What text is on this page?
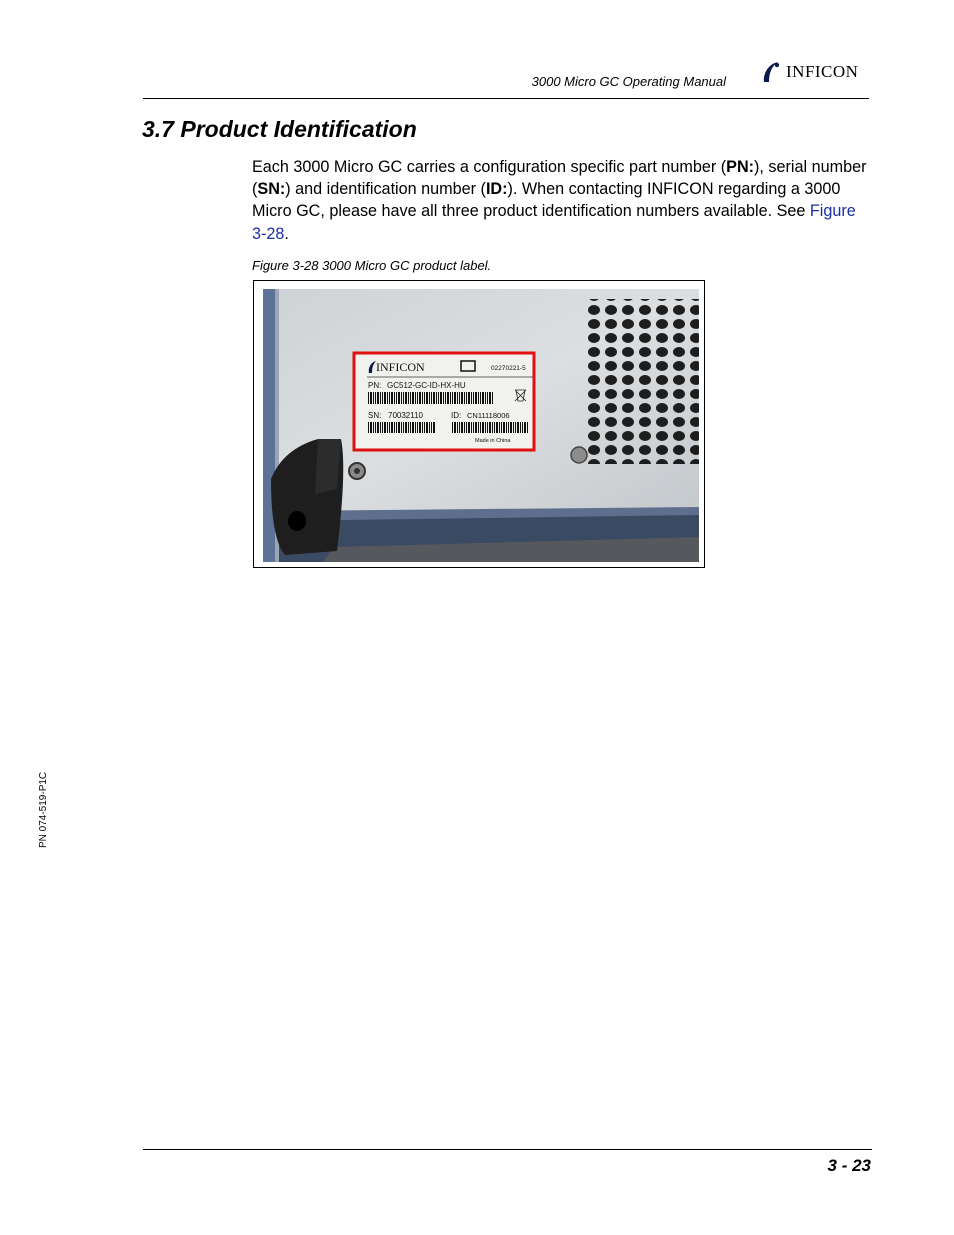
3000 Micro GC Operating Manual
INFICON
3.7 Product Identification

Each 3000 Micro GC carries a configuration specific part number (PN:), serial number (SN:) and identification number (ID:). When contacting INFICON regarding a 3000 Micro GC, please have all three product identification numbers available. See Figure 3-28.

Figure 3-28 3000 Micro GC product label.
INFICON	02270221-5
PN: GC512-GC-ID-HX-HU
SN: 70032110	ID: CN11118006
Made in China
PN 074-519-P1C
3 - 23
